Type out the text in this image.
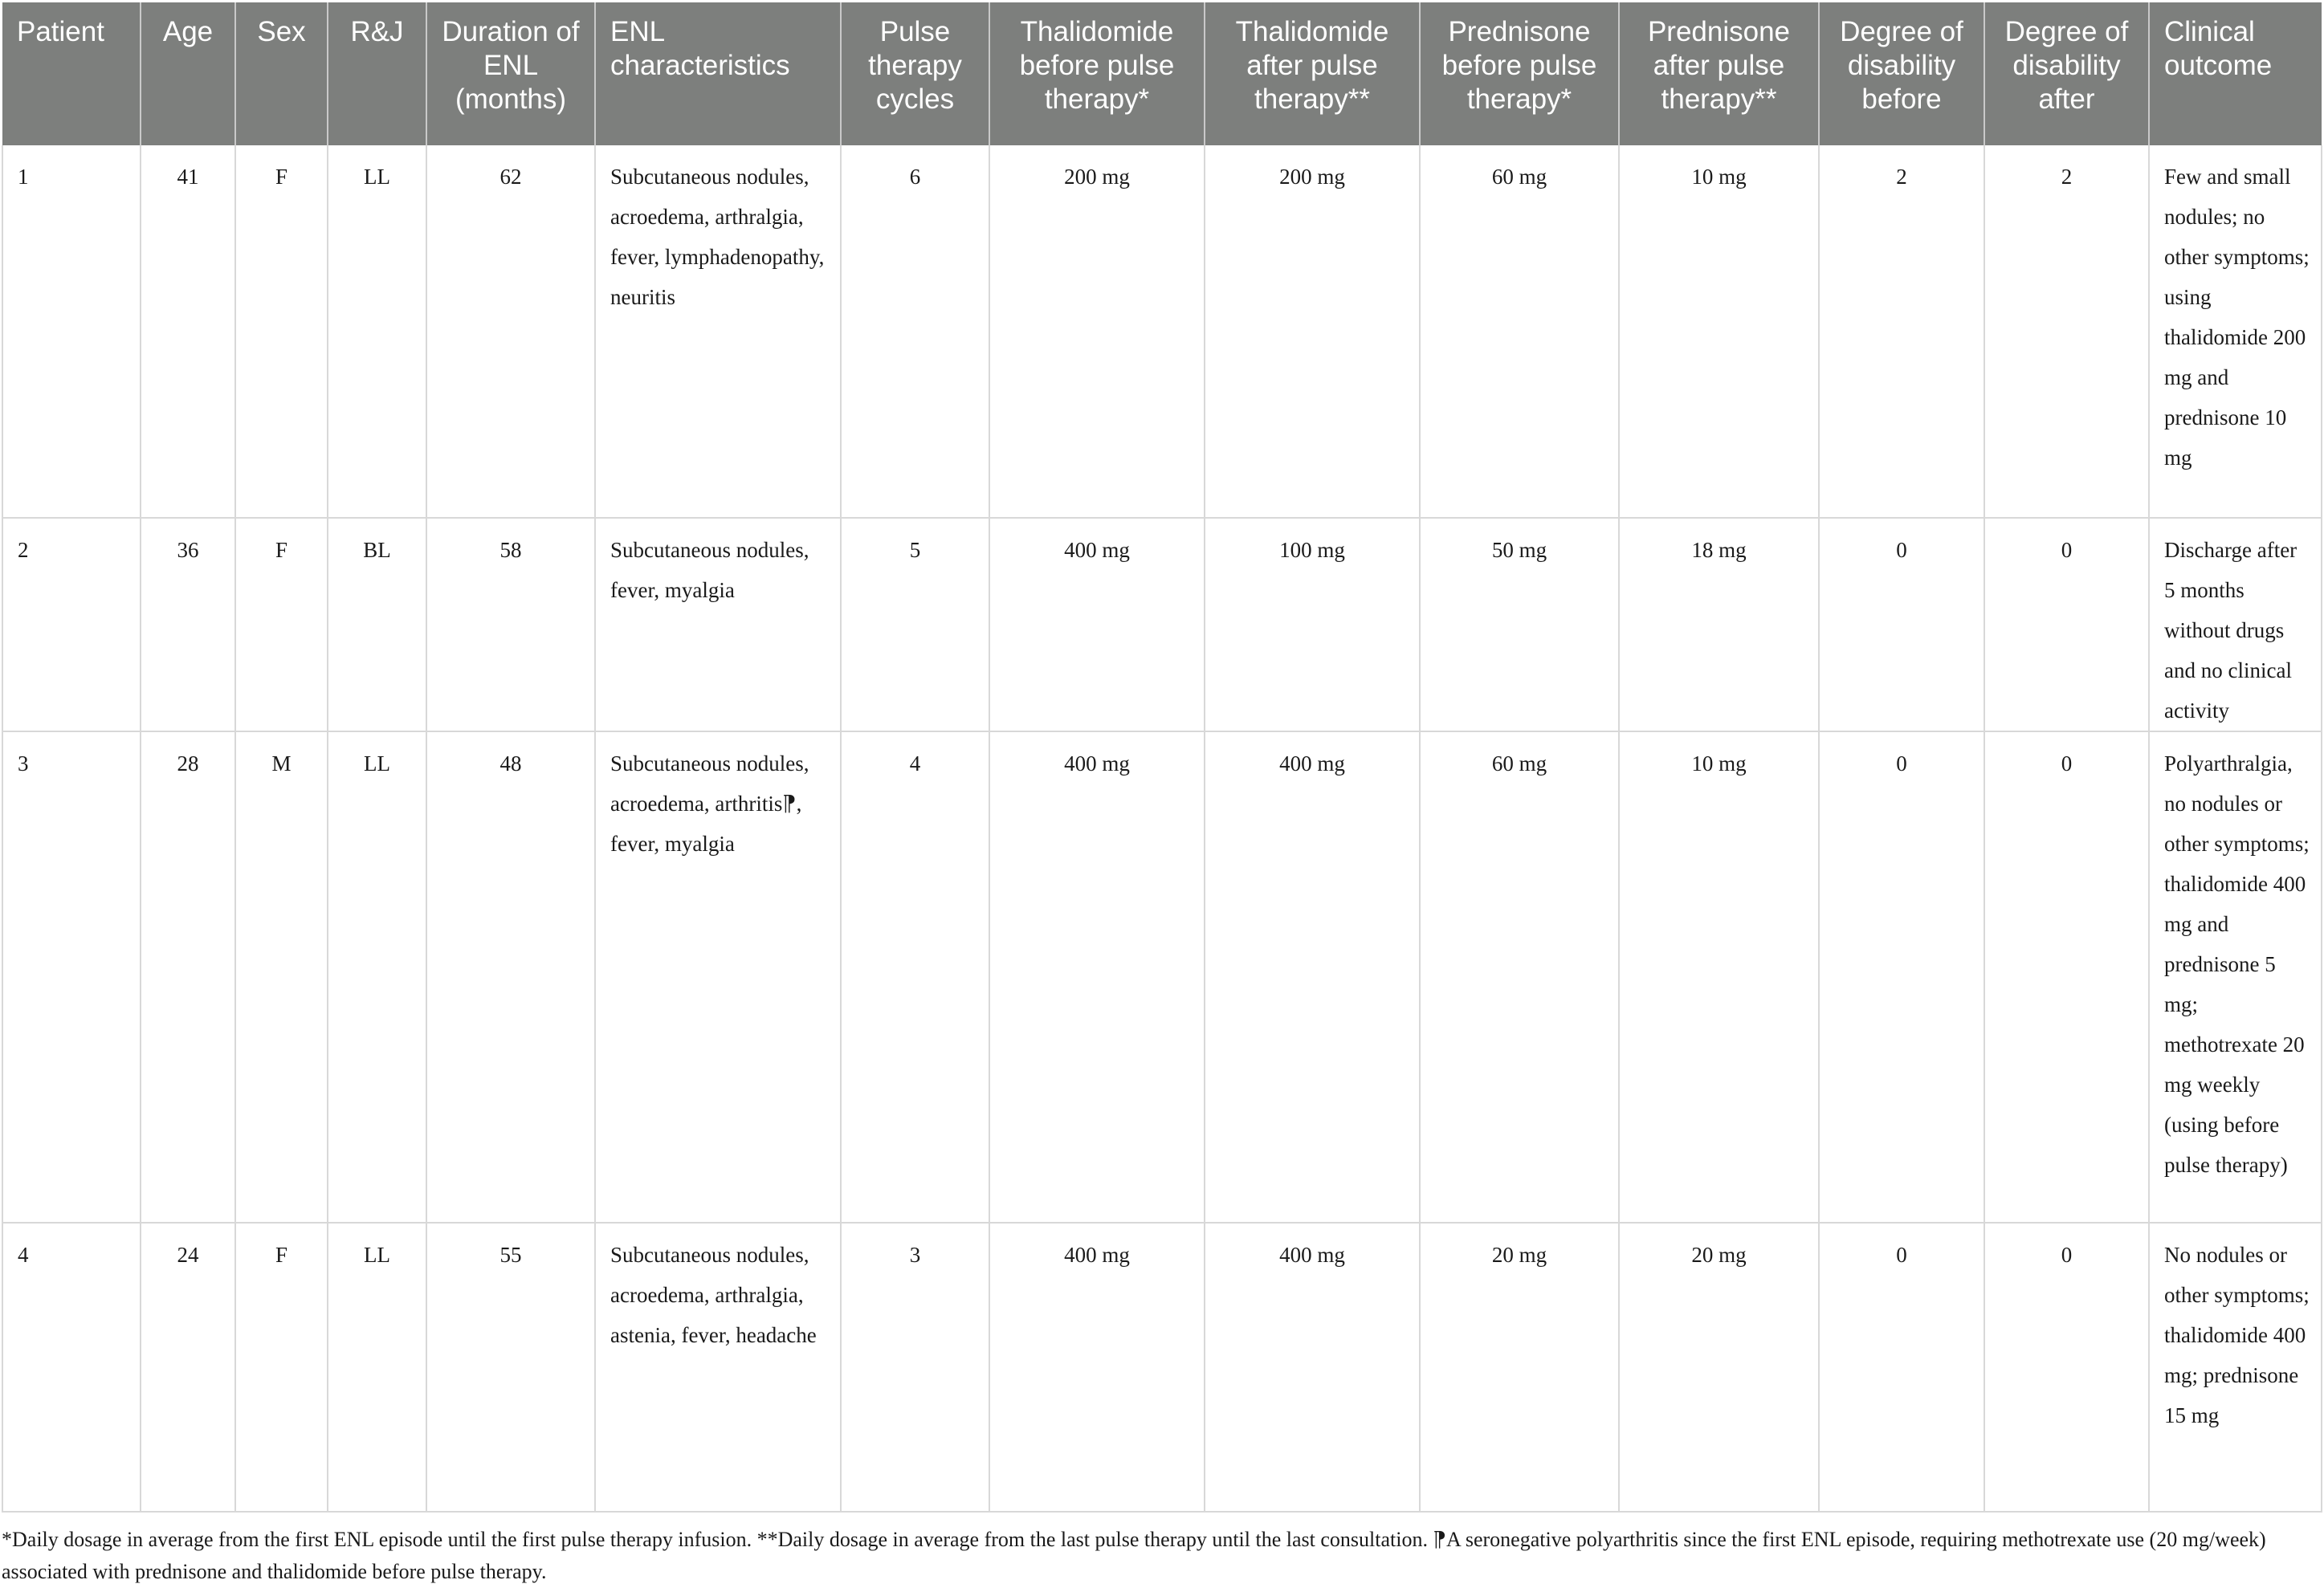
Patient	Age	Sex	R&J	Duration of ENL (months)	ENL characteristics	Pulse therapy cycles	Thalidomide before pulse therapy*	Thalidomide after pulse therapy**	Prednisone before pulse therapy*	Prednisone after pulse therapy**	Degree of disability before	Degree of disability after	Clinical outcome
1	41	F	LL	62	Subcutaneous nodules, acroedema, arthralgia, fever, lymphadenopathy, neuritis	6	200 mg	200 mg	60 mg	10 mg	2	2	Few and small nodules; no other symptoms; using thalidomide 200 mg and prednisone 10 mg
2	36	F	BL	58	Subcutaneous nodules, fever, myalgia	5	400 mg	100 mg	50 mg	18 mg	0	0	Discharge after 5 months without drugs and no clinical activity
3	28	M	LL	48	Subcutaneous nodules, acroedema, arthritis⁋, fever, myalgia	4	400 mg	400 mg	60 mg	10 mg	0	0	Polyarthralgia, no nodules or other symptoms; thalidomide 400 mg and prednisone 5 mg; methotrexate 20 mg weekly (using before pulse therapy)
4	24	F	LL	55	Subcutaneous nodules, acroedema, arthralgia, astenia, fever, headache	3	400 mg	400 mg	20 mg	20 mg	0	0	No nodules or other symptoms; thalidomide 400 mg; prednisone 15 mg
*Daily dosage in average from the first ENL episode until the first pulse therapy infusion. **Daily dosage in average from the last pulse therapy until the last consultation. ⁋A seronegative polyarthritis since the first ENL episode, requiring methotrexate use (20 mg/week) associated with prednisone and thalidomide before pulse therapy.
